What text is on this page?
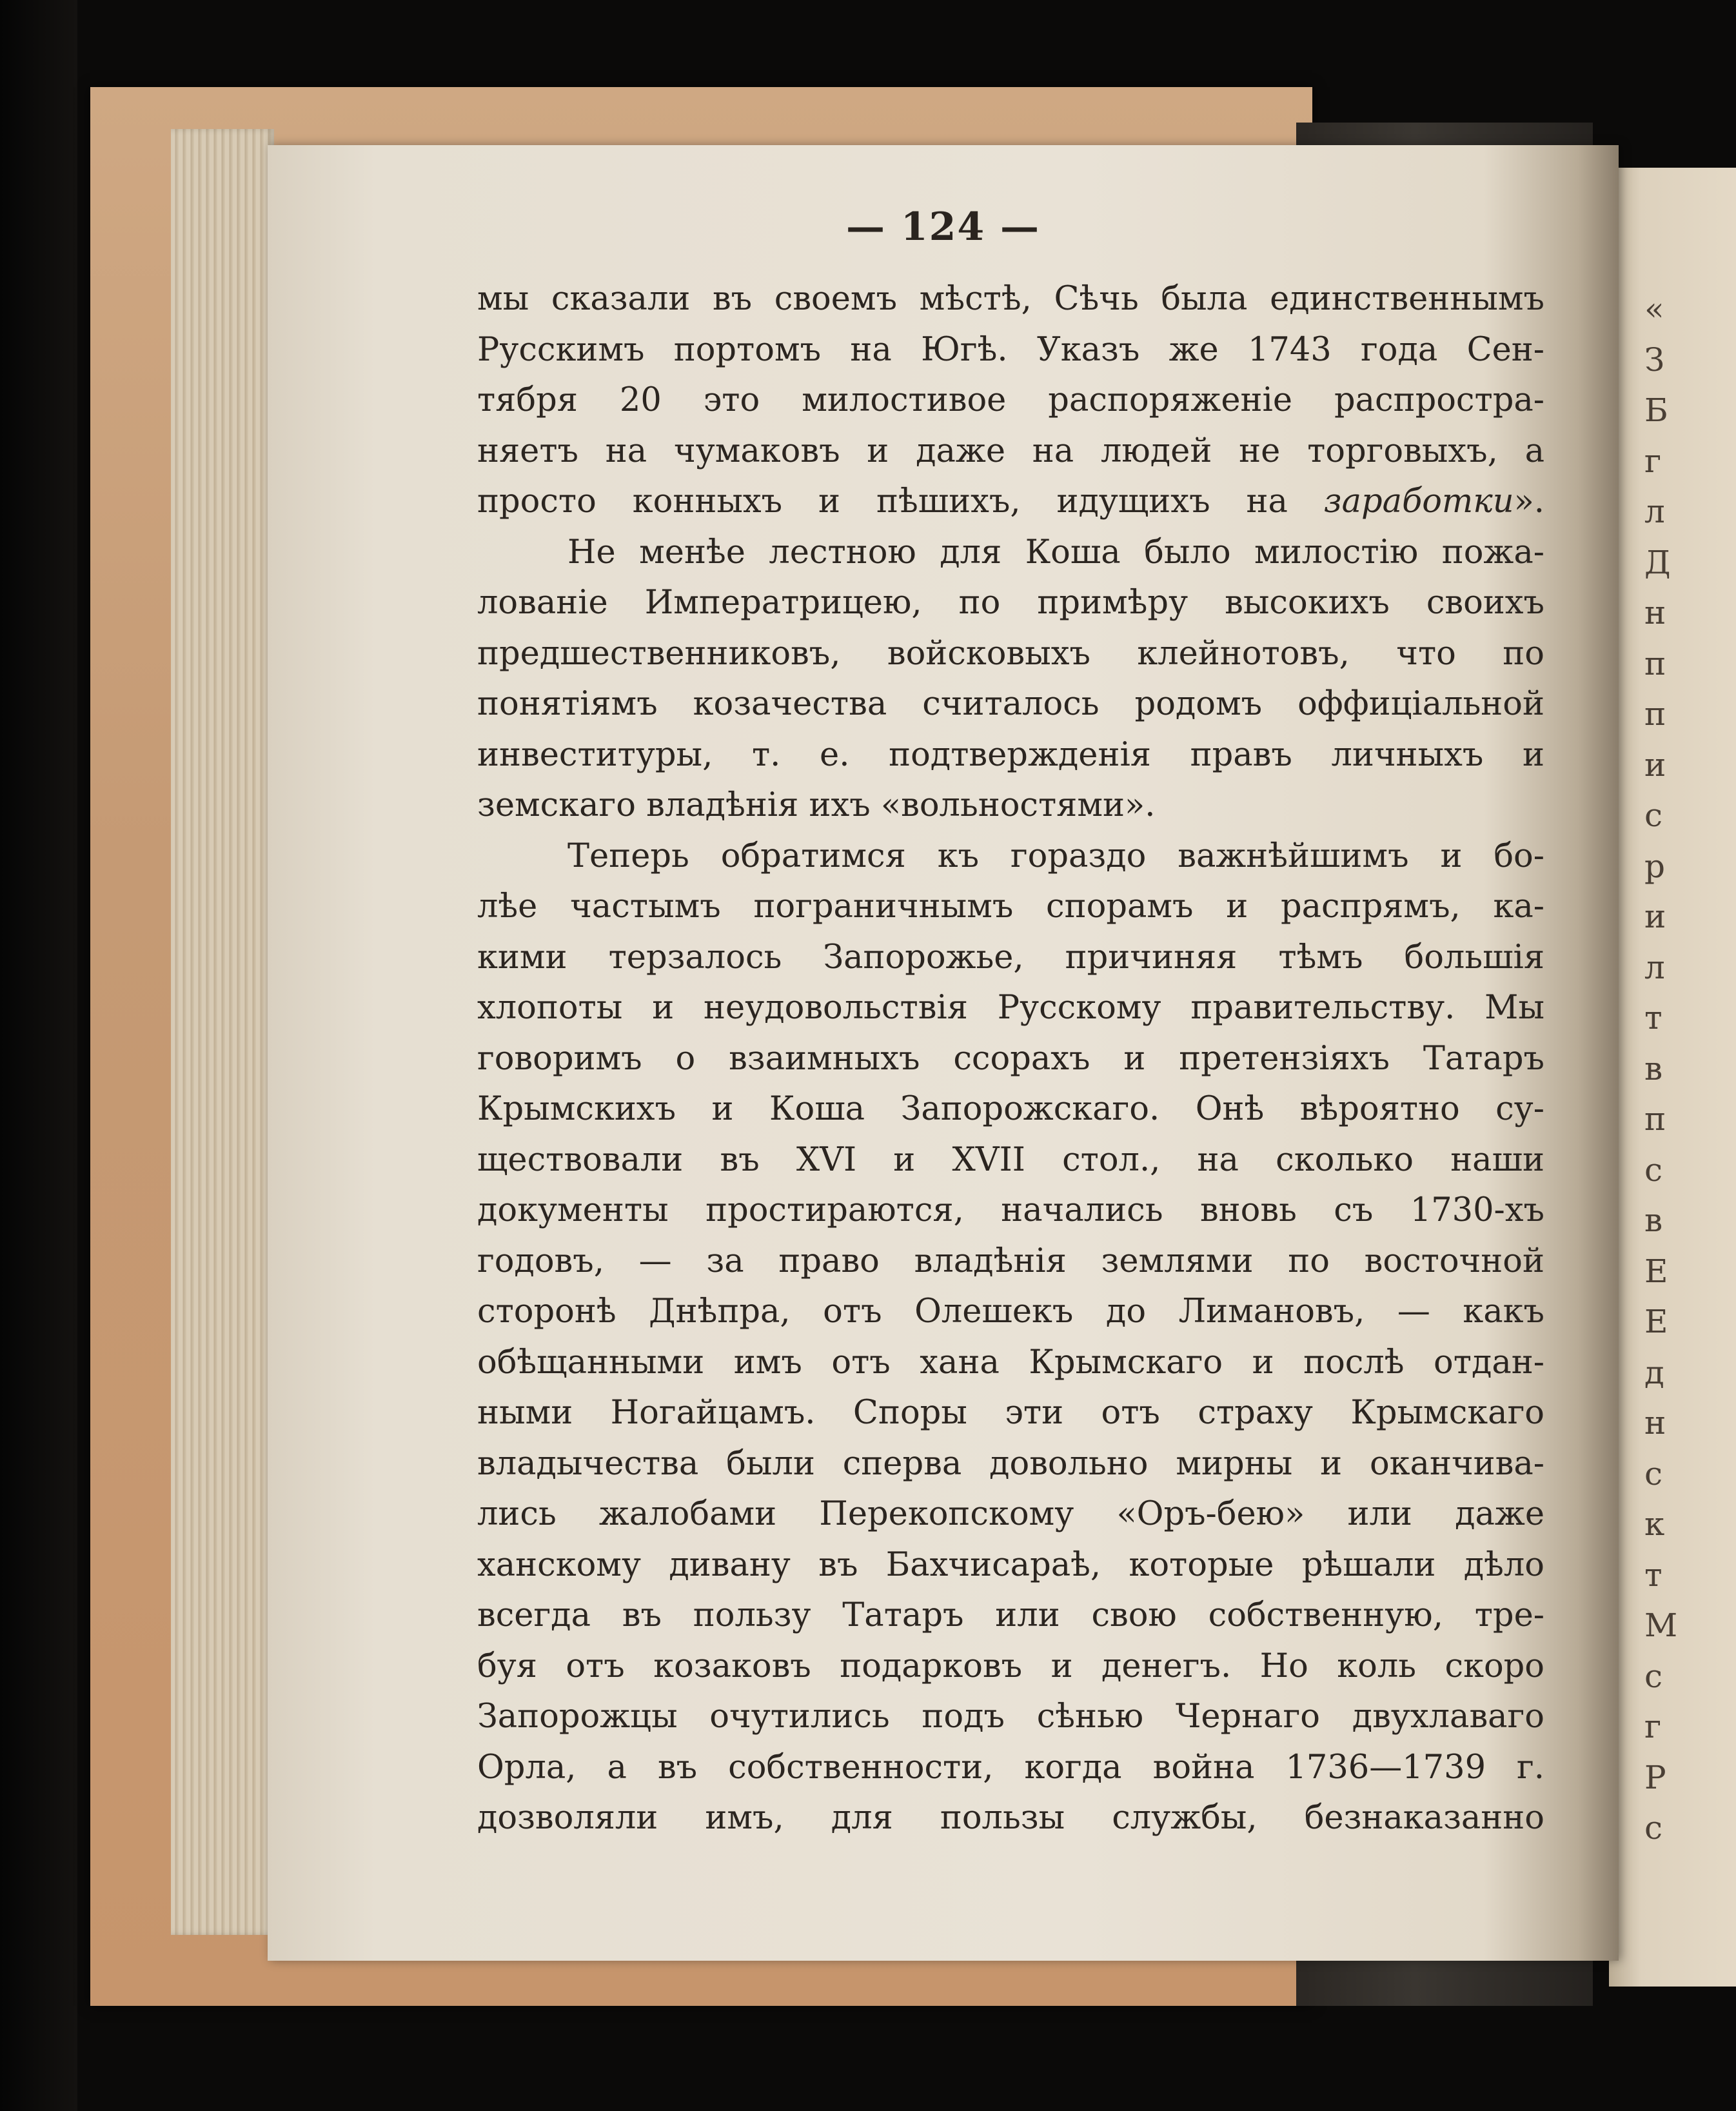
«
З
Б
г
л
Д
н
п
п
и
с
р
и
л
т
в
п
с
в
Е
Е
д
н
с
к
т
М
с
г
Р
с
— 124 —
мы сказали въ своемъ мѣстѣ, Сѣчь была единственнымъ
Русскимъ портомъ на Югѣ. Указъ же 1743 года Сен-
тября 20 это милостивое распоряженіе распростра-
няетъ на чумаковъ и даже на людей не торговыхъ, а
просто конныхъ и пѣшихъ, идущихъ на заработки».
Не менѣе лестною для Коша было милостію пожа-
лованіе Императрицею, по примѣру высокихъ своихъ
предшественниковъ, войсковыхъ клейнотовъ, что по
понятіямъ козачества считалось родомъ оффиціальной
инвеституры, т. е. подтвержденія правъ личныхъ и
земскаго владѣнія ихъ «вольностями».
Теперь обратимся къ гораздо важнѣйшимъ и бо-
лѣе частымъ пограничнымъ спорамъ и распрямъ, ка-
кими терзалось Запорожье, причиняя тѣмъ большія
хлопоты и неудовольствія Русскому правительству. Мы
говоримъ о взаимныхъ ссорахъ и претензіяхъ Татаръ
Крымскихъ и Коша Запорожскаго. Онѣ вѣроятно су-
ществовали въ XVI и XVII стол., на сколько наши
документы простираются, начались вновь съ 1730-хъ
годовъ, — за право владѣнія землями по восточной
сторонѣ Днѣпра, отъ Олешекъ до Лимановъ, — какъ
обѣщанными имъ отъ хана Крымскаго и послѣ отдан-
ными Ногайцамъ. Споры эти отъ страху Крымскаго
владычества были сперва довольно мирны и оканчива-
лись жалобами Перекопскому «Оръ-бею» или даже
ханскому дивану въ Бахчисараѣ, которые рѣшали дѣло
всегда въ пользу Татаръ или свою собственную, тре-
буя отъ козаковъ подарковъ и денегъ. Но коль скоро
Запорожцы очутились подъ сѣнью Чернаго двухлаваго
Орла, а въ собственности, когда война 1736—1739 г.
дозволяли имъ, для пользы службы, безнаказанно
